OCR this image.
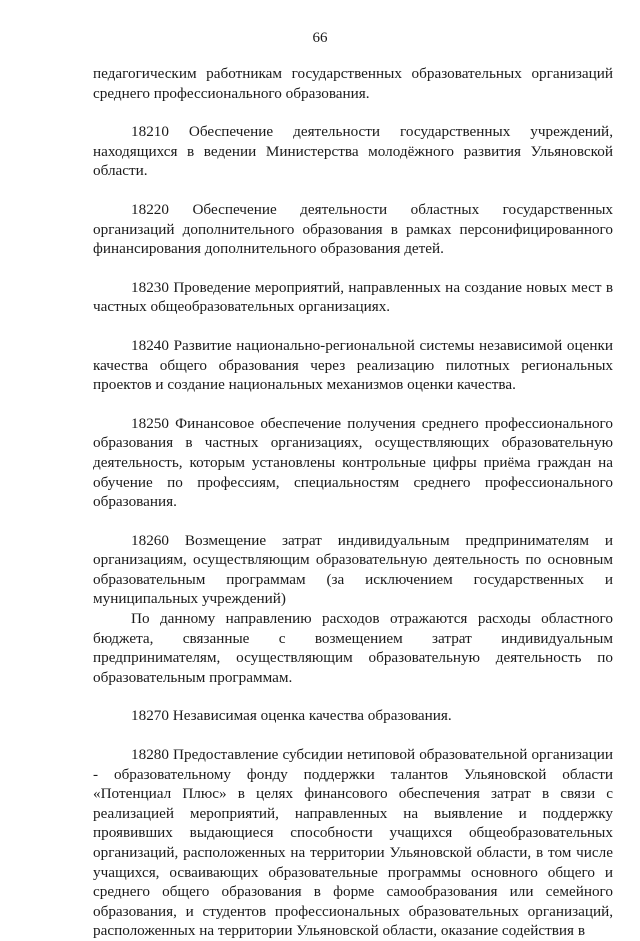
66

педагогическим работникам государственных образовательных организаций среднего профессионального образования.

18210 Обеспечение деятельности государственных учреждений, находящихся в ведении Министерства молодёжного развития Ульяновской области.

18220 Обеспечение деятельности областных государственных организаций дополнительного образования в рамках персонифицированного финансирования дополнительного образования детей.

18230 Проведение мероприятий, направленных на создание новых мест в частных общеобразовательных организациях.

18240 Развитие национально-региональной системы независимой оценки качества общего образования через реализацию пилотных региональных проектов и создание национальных механизмов оценки качества.

18250 Финансовое обеспечение получения среднего профессионального образования в частных организациях, осуществляющих образовательную деятельность, которым установлены контрольные цифры приёма граждан на обучение по профессиям, специальностям среднего профессионального образования.

18260 Возмещение затрат индивидуальным предпринимателям и организациям, осуществляющим образовательную деятельность по основным образовательным программам (за исключением государственных и муниципальных учреждений)

По данному направлению расходов отражаются расходы областного бюджета, связанные с возмещением затрат индивидуальным предпринимателям, осуществляющим образовательную деятельность по образовательным программам.

18270 Независимая оценка качества образования.

18280 Предоставление субсидии нетиповой образовательной организации - образовательному фонду поддержки талантов Ульяновской области «Потенциал Плюс» в целях финансового обеспечения затрат в связи с реализацией мероприятий, направленных на выявление и поддержку проявивших выдающиеся способности учащихся общеобразовательных организаций, расположенных на территории Ульяновской области, в том числе учащихся, осваивающих образовательные программы основного общего и среднего общего образования в форме самообразования или семейного образования, и студентов профессиональных образовательных организаций, расположенных на территории Ульяновской области, оказание содействия в
